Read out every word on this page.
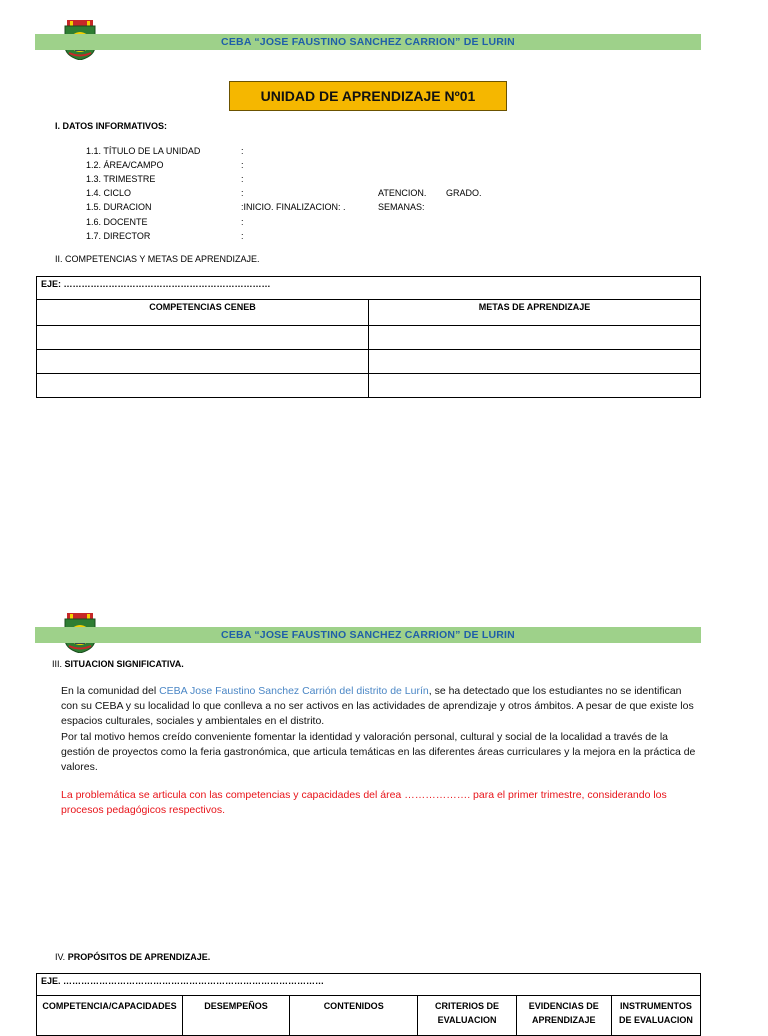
CEBA “JOSE FAUSTINO SANCHEZ CARRION” DE LURIN
UNIDAD DE APRENDIZAJE Nº01
I. DATOS INFORMATIVOS:
1.1. TÍTULO DE LA UNIDAD	:
1.2. ÁREA/CAMPO	:
1.3. TRIMESTRE	:
1.4. CICLO	:	ATENCION. GRADO.
1.5. DURACION	:INICIO. FINALIZACION: .	SEMANAS:
1.6. DOCENTE	:
1.7. DIRECTOR	:
II. COMPETENCIAS Y METAS DE APRENDIZAJE.
EJE: ……………………………………………………………	
COMPETENCIAS CENEB	METAS DE APRENDIZAJE

CEBA “JOSE FAUSTINO SANCHEZ CARRION” DE LURIN
III. SITUACION SIGNIFICATIVA.
En la comunidad del CEBA Jose Faustino Sanchez Carrión del distrito de Lurín, se ha detectado que los estudiantes no se identifican con su CEBA y su localidad lo que conlleva a no ser activos en las actividades de aprendizaje y otros ámbitos. A pesar de que existe los espacios culturales, sociales y ambientales en el distrito.
Por tal motivo hemos creído conveniente fomentar la identidad y valoración personal, cultural y social de la localidad a través de la gestión de proyectos como la feria gastronómica, que articula temáticas en las diferentes áreas curriculares y la mejora en la práctica de valores.
La problemática se articula con las competencias y capacidades del área ………………. para el primer trimestre, considerando los procesos pedagógicos respectivos.
IV. PROPÓSITOS DE APRENDIZAJE.
EJE. ……………………………………………………………………………
COMPETENCIA/CAPACIDADES	DESEMPEÑOS	CONTENIDOS	CRITERIOS DE EVALUACION	EVIDENCIAS DE APRENDIZAJE	INSTRUMENTOS DE EVALUACION
